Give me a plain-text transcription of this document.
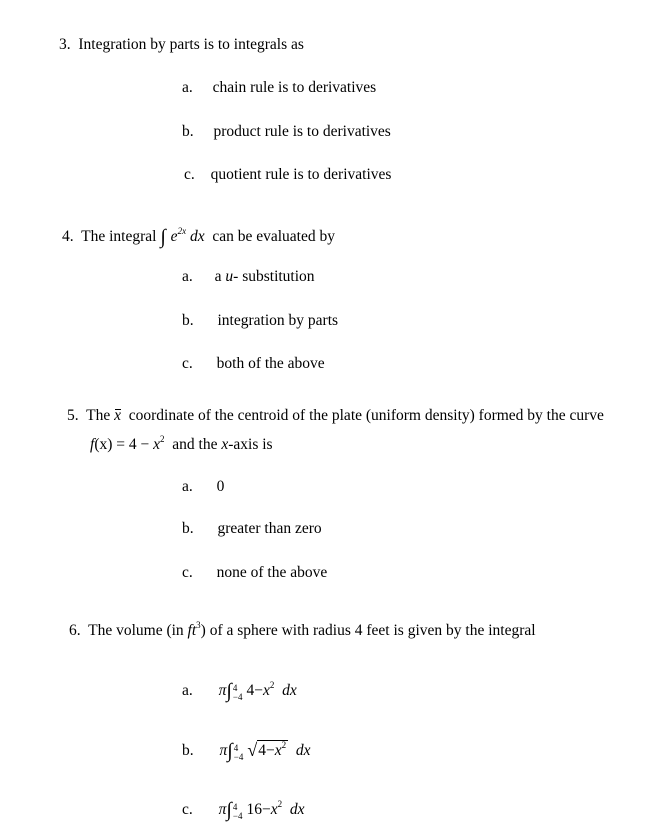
3. Integration by parts is to integrals as
a. chain rule is to derivatives
b. product rule is to derivatives
c. quotient rule is to derivatives
4. The integral ∫ $e^{2x}$ dx can be evaluated by
a. a u- substitution
b. integration by parts
c. both of the above
5. The x coordinate of the centroid of the plate (uniform density) formed by the curve
$f(x) = 4 - x^2$ and the x-axis is
a. 0
b. greater than zero
c. none of the above
6. The volume (in $ft^3$) of a sphere with radius 4 feet is given by the integral
a. π∫ 4
−4 $4-x^2$ dx
b. π∫ 4
−4 $√4-x^2$ dx
c. π∫ 4
−4 $16-x^2$ dx
